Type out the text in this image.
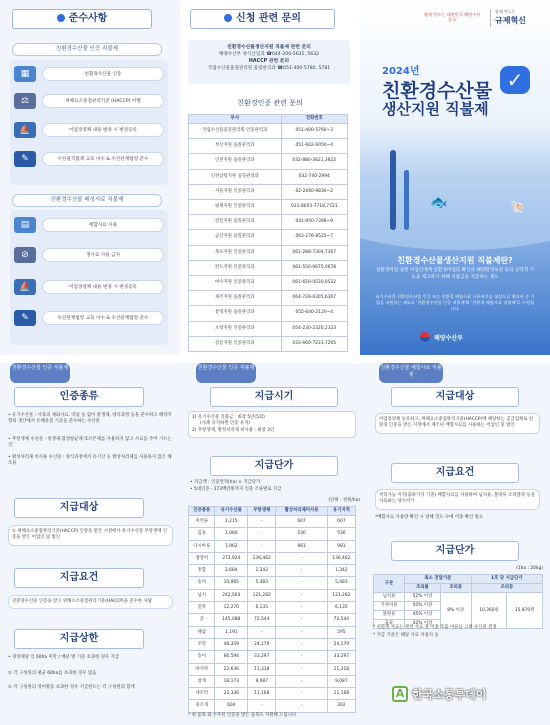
준수사항
친환경수산물 인증 직불제
▦	친환경수산물 인증
⚖	위해요소중점관리기준 (HACCP) 이행
⛵	어업경영체 내용 변경 시 변경등록
✎	수산물직불제 교육 이수 & 수산관계법령 준수
친환경수산물 배성사료 직불제
▤	배합사료 사용
⊘	생사료 사용 금지
⛵	어업경영체 내용 변경 시 변경등록
✎	수산관계법령 교육 이수 & 수산관계법령 준수
신청 관련 문의
친환경수산물생산지원 직불제 관련 문의
해양수산부 양식산업과 ☎044-200-5631, 5632
HACCP 관련 문의
국립수산물품질관리원 품질관리과 ☎051-400-5780, 5781
친환경인증 관련 문의
부서	전화번호
국립수산물품질관리원 인증관리과	051-400-5760~3
부산지원 품질관리과	051-602-6050~4
인천지원 품질관리과	032-880-3821,3822
인천남항지원 품질관리과	032-740-2994
서울지원 인증관리과	02-2660-9830~2
평택지원 인증관리과	031-8053-7718,7721
강릉지원 품질관리과	041-950-7398~9
군산지원 품질관리과	063-276-8525~7
목포지원 인증관리과	061-288-7304,7307
완도지원 인증관리과	061-550-0675,0678
여수지원 인증관리과	061-650-0530,0532
제주지원 품질관리과	064-728-6305,6307
통영지원 품질관리과	055-640-2120~4
포항지원 인증관리과	054-230-2320,2323
강릉지원 인증관리과	033-660-7233,7265
함께 만드는 대한민국 해양수산 강국
함께 만드는
규제혁신
2024년
친환경수산물 ✓
생산지원 직불제
🐟	🐚
친환경수산물생산지원 직불제란?
친환경어업 실천 어업인에게 친환경어업의 확산과 해양환경보전 등의 공익적 기능을 제고하기 위해 직불금을 지급하는 제도
유기수산물 친환경수산물 인증 또는 친환경 배합사료 사용어가를 대상으로 양식어 중 가입을 지원하는 제도로 '친환경수산물 인증 직불제'와 '친환경 배합사료 직불제'로 구성됩니다.
해양수산부
친환경수산물 인증 직불제
인증종류
• 유기수산물 : 사육의 제외사료, 약품 등 없이 항생제, 양식과정 등을 준수하고 해양지향의 생산에서 유해물질 기준을 준수하는 수산물
• 무항생제 수산물 : 항생제·합성항균제·호르몬제를 사용하지 않고 사료를 주어 기르는 것
• 활성처리제 비사용 수산물 : 양식과정에서 유기산 등 활성처리제를 사용하지 않은 해조류
지급대상
① 위해요소중점관리기준(HACCP) 인증을 받은 시설에서 유기수산물 무항생제 인증을 받은 어업인 및 법인
지급요건
친환경수산물 인증을 받고 위해요소중점관리기준(HACCP)을 준수한 사람
지급상한
• 경영체당 일 60ha 미만 / 배분 별 기준 초과한 경우 지급
① 각 구성원의 평균 60ha를 초과한 경우 없음
② 각 구성원의 영어활동 초과한 경우 지급한도는 각 구성원의 합계
친환경수산물 인증 직불제
지급시기
1) 유기수산물 직불금 : 최장 5년(5회)
(사례 유지하면 인증 유지)
2) 무항생제, 활성처리제 비사용 : 최장 3년
지급단가
• 지급액 : 인증면적(ha) × 지급단가
• 5대인증 · 273백만원까지 인증 조류별로 지급
(단위 : 천원/ha)
인증종류	유기수산물	무항생제	활성처리제미사용	유기지역
미역류	1,215	-	607	607
김류	1,060	-	530	530
다시마류	1,962	-	981	981
뱀장어	272,924	136,462	-	136,462
홍합	2,684	1,342	-	1,342
송어	10,965	5,483	-	5,483
넙치	242,563	121,282	-	121,282
전복	12,270	6,135	-	6,135
굴	145,088	72,544	-	72,544
해삼	1,191	-	-	595
꼬막	48,359	24,179	-	24,179
송어	66,594	33,297	-	33,297
바지락	22,636	11,318	-	11,318
참게	18,173	9,087	-	9,087
새꼬막	22,336	11,168	-	11,168
피조개	604	-	-	302
* 위 품목 외 수주된 인증을 받은 품목도 지원해 드립니다
친환경수산물 배합사료 직불제
지급대상
어업경영체 등록하고, 위해요소중점관리기준(HACCP)에 해당하는 공급업체로 친환경 인증을 받은 지정에서 제조된 배합사료를 사용하는 어업인 및 법인
지급요건
처리가능 지역(출하가격 기준) 배합사료를 사용하여 넙치류, 볼락류 조피볼락 등을 사육하는 양식어가
*배합사료 사용량 확인 시 당해 연도 수매 어종 확인 필요
지급단가
(1ha : 20kg)
구분	최소 전달기준		1호 당 지급단가	
	조피볼	조피류	조피류	
넙치류	52% 이상	8% 이상	10,360원	15,870원
가자미류	50% 이상			
볼락류	45% 이상			
돔류	42% 이상			
* 친환경 사료는 관련 사료 중 어종 호흡 어류를 고려 수산물 결정
* 지급 기준은 해당 사료 이용자 등
A 한국소통투데이
